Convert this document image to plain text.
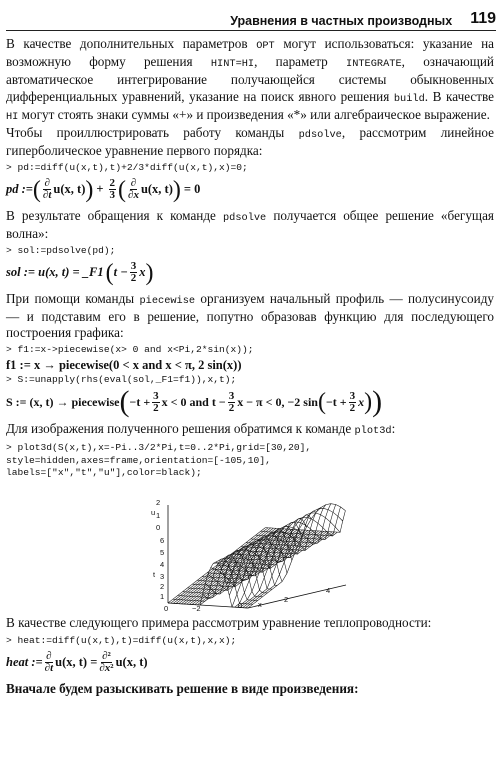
Уравнения в частных производных 119

В качестве дополнительных параметров OPT могут использоваться: указание на возможную форму решения HINT=HI, параметр INTEGRATE, означающий автоматическое интегрирование получающейся системы обыкновенных дифференциальных уравнений, указание на поиск явного решения build. В качестве HI могут стоять знаки суммы «+» и произведения «*» или алгебраическое выражение.

Чтобы проиллюстрировать работу команды pdsolve, рассмотрим линейное гиперболическое уравнение первого порядка:

> pd:=diff(u(x,t),t)+2/3*diff(u(x,t),x)=0;

pd := ( $\frac{\partial}{\partial t} u(x$, t) ) + $\frac{2}{3}$ ( $\frac{\partial}{\partial x} u(x$, t) ) = 0

В результате обращения к команде pdsolve получается общее решение «бегущая волна»:

> sol:=pdsolve(pd);

sol := u(x, t) = _F1 ( $t - \frac{3}{2}$ x )

При помощи команды piecewise организуем начальный профиль — полусинусоиду — и подставим его в решение, попутно образовав функцию для последующего построения графика:

> f1:=x->piecewise(x> 0 and x<Pi,2*sin(x));

f1 := x → piecewise(0 < x and x < π, 2 sin(x))

> S:=unapply(rhs(eval(sol,_F1=f1)),x,t);

S := (x, t) → piecewise ( $-t + \frac{3}{2}$ x < 0 and $t - \frac{3}{2}$ x − π < 0, −2 sin ( $-t + \frac{3}{2}$ x ) )

Для изображения полученного решения обратимся к команде plot3d:

> plot3d(S(x,t),x=-Pi..3/2*Pi,t=0..2*Pi,grid=[30,20],

style=hidden,axes=frame,orientation=[-105,10],

labels=["x","t","u"],color=black);

2
1
0
u
6
5
4
3
t
2
1
0	−2	0 x
2
4

В качестве следующего примера рассмотрим уравнение теплопроводности:

> heat:=diff(u(x,t),t)=diff(u(x,t),x,x);

heat := $\frac{\partial}{\partial t} u(x$, $t) = \frac{\text{∂²}}{\text{∂x²}} u(x$, t)

Вначале будем разыскивать решение в виде произведения:
